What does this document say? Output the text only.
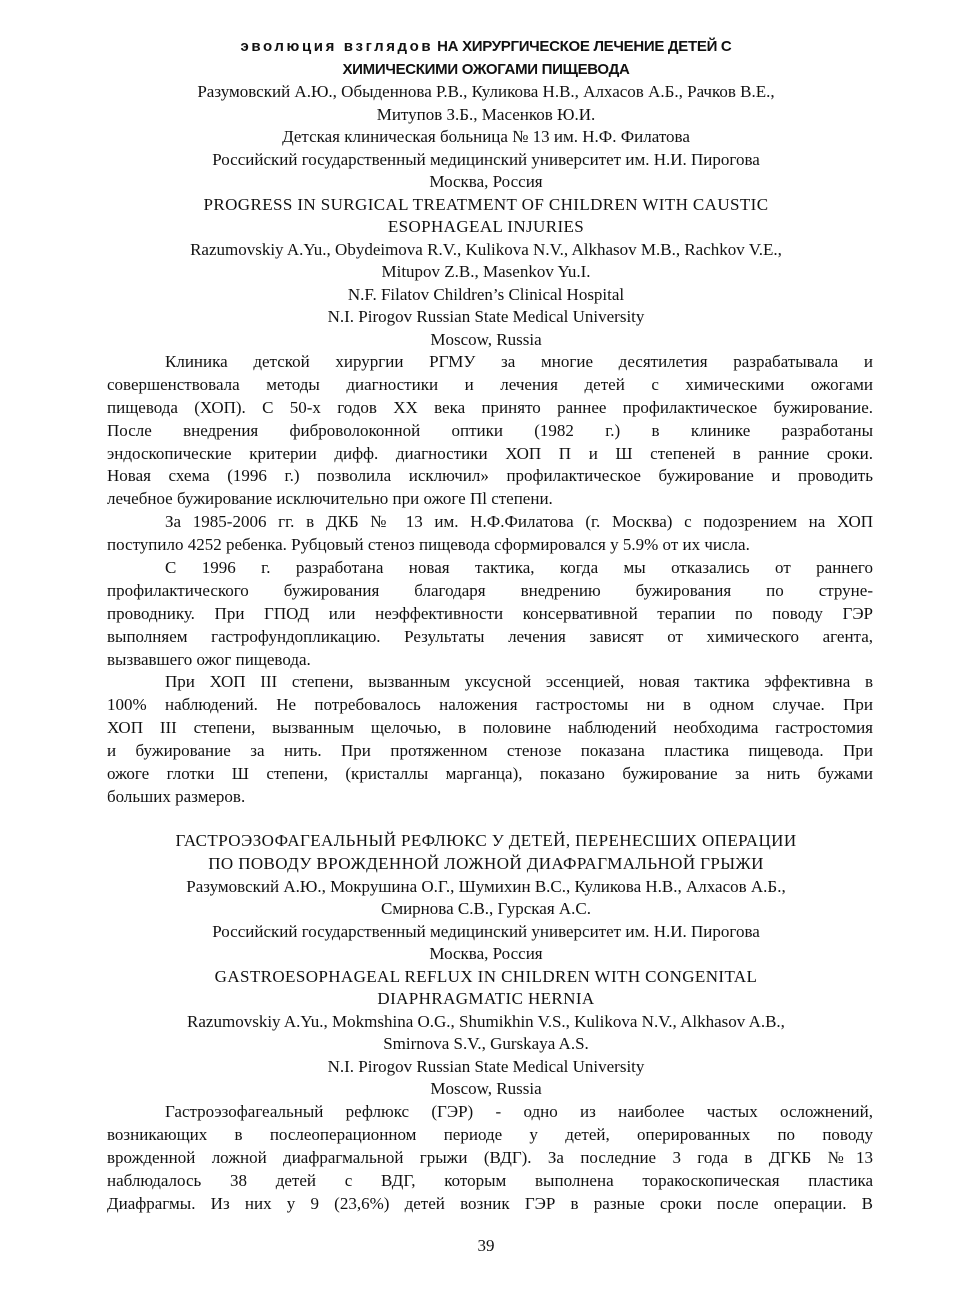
эволюция взглядов НА ХИРУРГИЧЕСКОЕ ЛЕЧЕНИЕ ДЕТЕЙ С
ХИМИЧЕСКИМИ ОЖОГАМИ ПИЩЕВОДА
Разумовский А.Ю., Обыденнова Р.В., Куликова Н.В., Алхасов А.Б., Рачков В.Е.,
Митупов З.Б., Масенков Ю.И.
Детская клиническая больница № 13 им. Н.Ф. Филатова
Российский государственный медицинский университет им. Н.И. Пирогова
Москва, Россия
PROGRESS IN SURGICAL TREATMENT OF CHILDREN WITH CAUSTIC
ESOPHAGEAL INJURIES
Razumovskiy A.Yu., Obydeimova R.V., Kulikova N.V., Alkhasov M.B., Rachkov V.E.,
Mitupov Z.B., Masenkov Yu.I.
N.F. Filatov Children’s Clinical Hospital
N.I. Pirogov Russian State Medical University
Moscow, Russia
Клиника детской хирургии РГМУ за многие десятилетия разрабатывала и
совершенствовала методы диагностики и лечения детей с химическими ожогами
пищевода (ХОП). С 50-х годов XX века принято раннее профилактическое бужирование.
После внедрения фиброволоконной оптики (1982 г.) в клинике разработаны
эндоскопические критерии дифф. диагностики ХОП П и Ш степеней в ранние сроки.
Новая схема (1996 г.) позволила исключил» профилактическое бужирование и проводить
лечебное бужирование исключительно при ожоге Пl степени.
За 1985-2006 гг. в ДКБ № 13 им. Н.Ф.Филатова (г. Москва) с подозрением на ХОП
поступило 4252 ребенка. Рубцовый стеноз пищевода сформировался у 5.9% от их числа.
С 1996 г. разработана новая тактика, когда мы отказались от раннего
профилактического бужирования благодаря внедрению бужирования по струне-
проводнику. При ГПОД или неэффективности консервативной терапии по поводу ГЭР
выполняем гастрофундопликацию. Результаты лечения зависят от химического агента,
вызвавшего ожог пищевода.
При ХОП III степени, вызванным уксусной эссенцией, новая тактика эффективна в
100% наблюдений. Не потребовалось наложения гастростомы ни в одном случае. При
ХОП III степени, вызванным щелочью, в половине наблюдений необходима гастростомия
и бужирование за нить. При протяженном стенозе показана пластика пищевода. При
ожоге глотки Ш степени, (кристаллы марганца), показано бужирование за нить бужами
больших размеров.
ГАСТРОЭЗОФАГЕАЛЬНЫЙ РЕФЛЮКС У ДЕТЕЙ, ПЕРЕНЕСШИХ ОПЕРАЦИИ
ПО ПОВОДУ ВРОЖДЕННОЙ ЛОЖНОЙ ДИАФРАГМАЛЬНОЙ ГРЫЖИ
Разумовский А.Ю., Мокрушина О.Г., Шумихин В.С., Куликова Н.В., Алхасов А.Б.,
Смирнова С.В., Гурская А.С.
Российский государственный медицинский университет им. Н.И. Пирогова
Москва, Россия
GASTROESOPHAGEAL REFLUX IN CHILDREN WITH CONGENITAL
DIAPHRAGMATIC HERNIA
Razumovskiy A.Yu., Mokmshina O.G., Shumikhin V.S., Kulikova N.V., Alkhasov A.B.,
Smirnova S.V., Gurskaya A.S.
N.I. Pirogov Russian State Medical University
Moscow, Russia
Гастроэзофагеальный рефлюкс (ГЭР) - одно из наиболее частых осложнений,
возникающих в послеоперационном периоде у детей, оперированных по поводу
врожденной ложной диафрагмальной грыжи (ВДГ). За последние 3 года в ДГКБ №13
наблюдалось 38 детей с ВДГ, которым выполнена торакоскопическая пластика
Диафрагмы. Из них у 9 (23,6%) детей возник ГЭР в разные сроки после операции. В
39
